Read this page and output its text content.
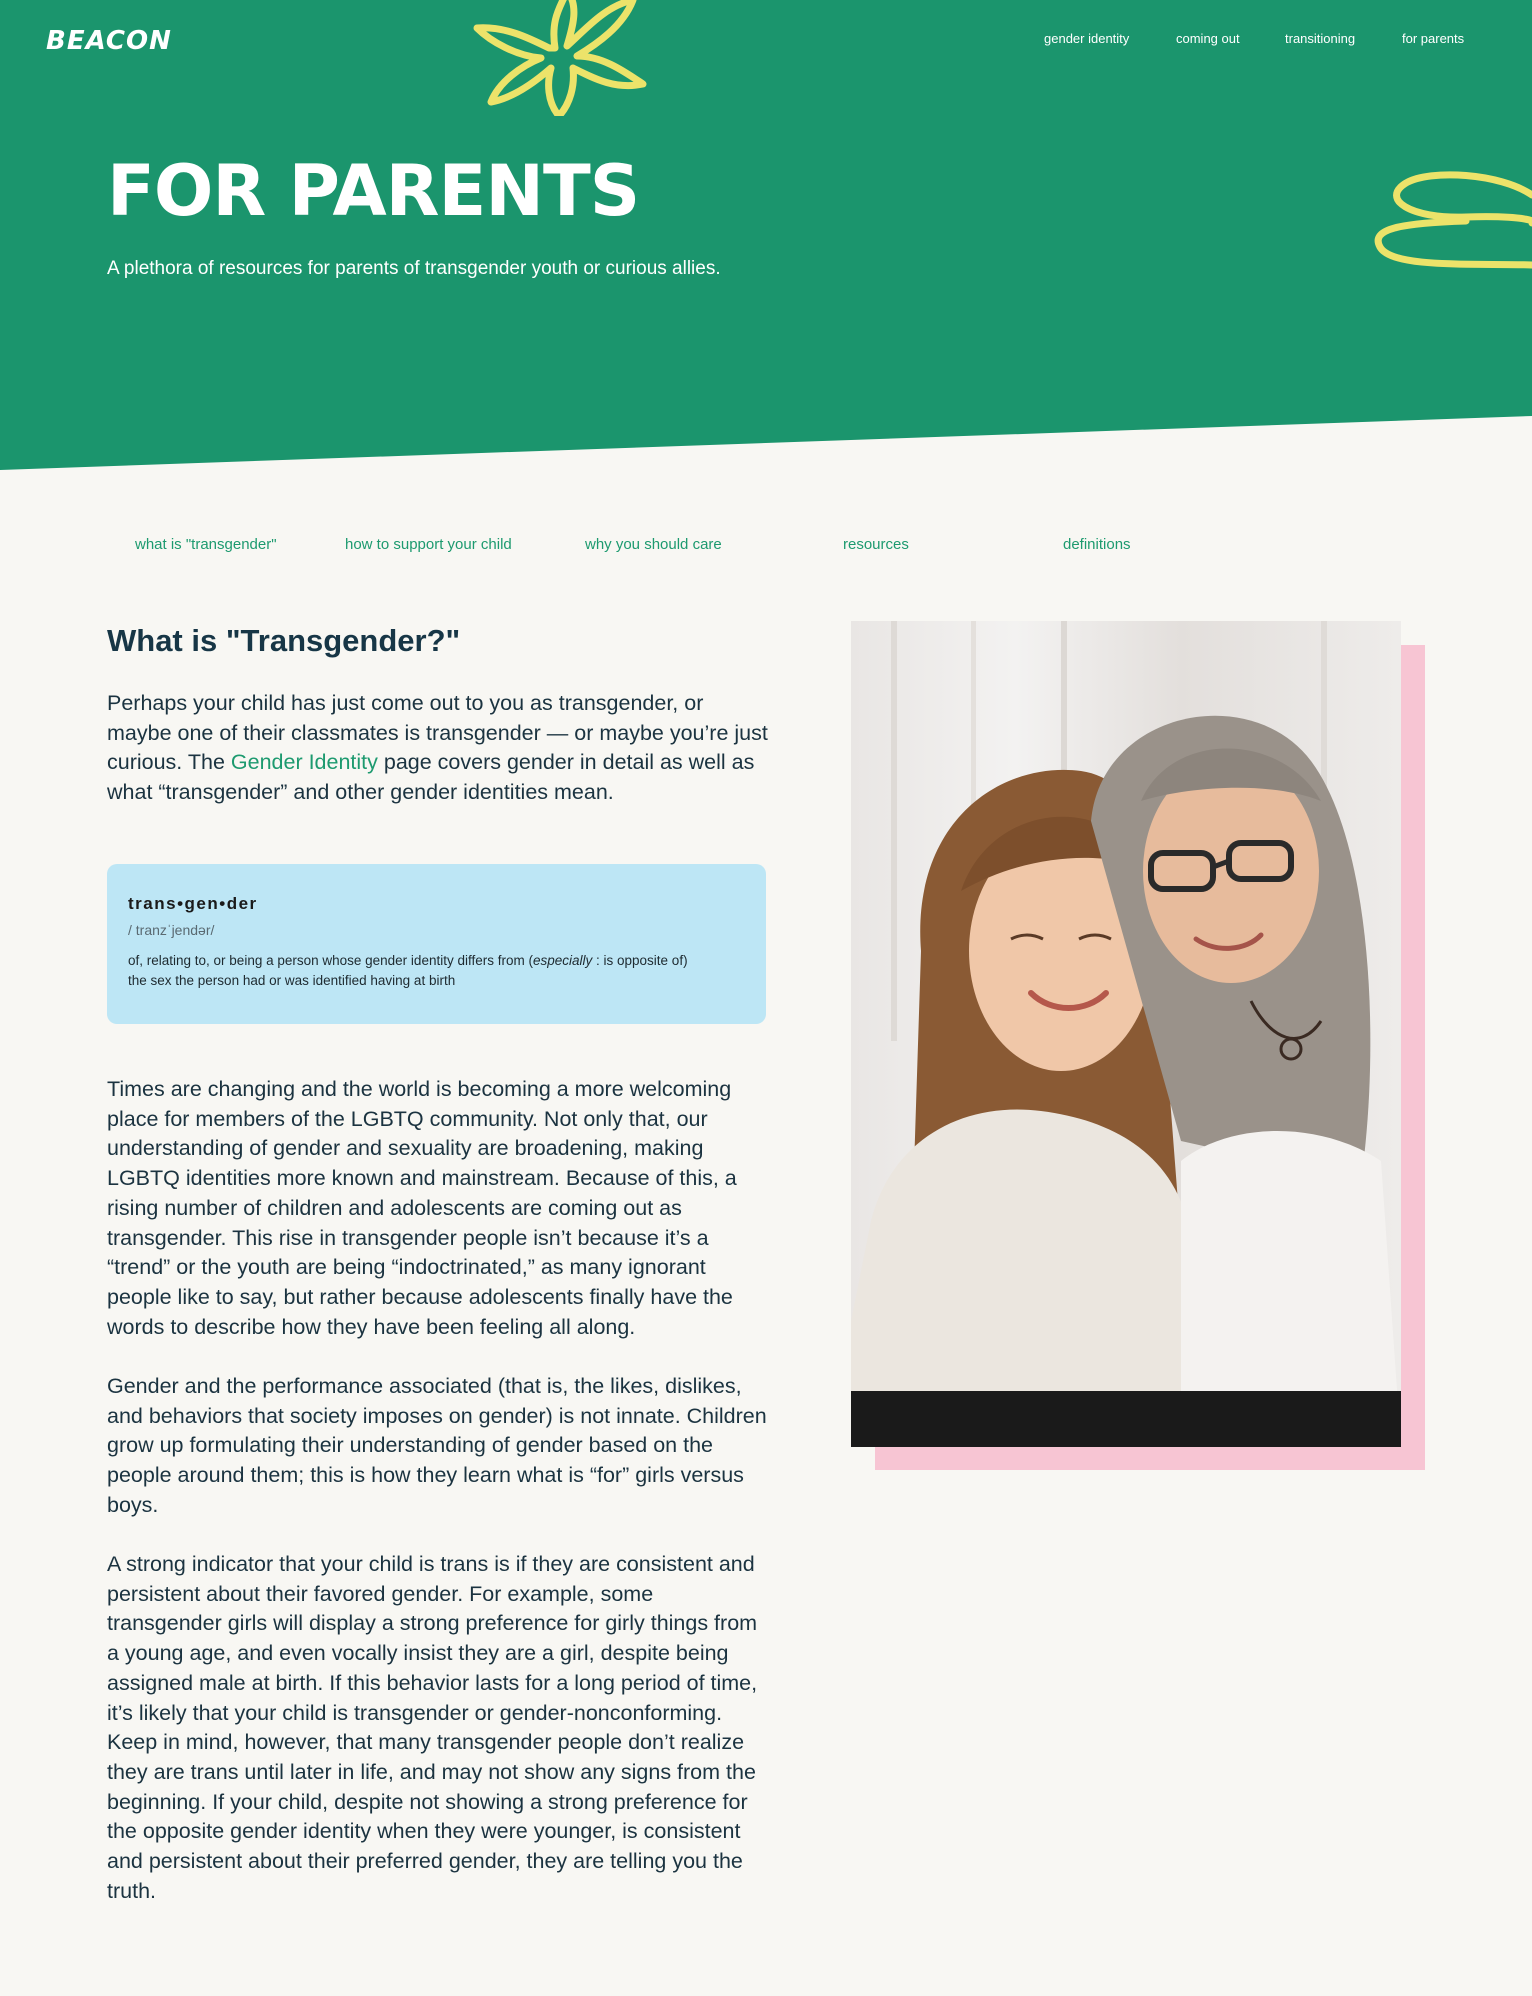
BEACON	gender identity	coming out	transitioning	for parents
FOR PARENTS

A plethora of resources for parents of transgender youth or curious allies.

what is "transgender"	how to support your child	why you should care	resources	definitions
What is "Transgender?"

Perhaps your child has just come out to you as transgender, or maybe one of their classmates is transgender — or maybe you’re just curious. The Gender Identity page covers gender in detail as well as what “transgender” and other gender identities mean.

trans•gen•der
/ tranzˈjendər/
of, relating to, or being a person whose gender identity differs from (especially : is opposite of) the sex the person had or was identified having at birth

Times are changing and the world is becoming a more welcoming place for members of the LGBTQ community. Not only that, our understanding of gender and sexuality are broadening, making LGBTQ identities more known and mainstream. Because of this, a rising number of children and adolescents are coming out as transgender. This rise in transgender people isn’t because it’s a “trend” or the youth are being “indoctrinated,” as many ignorant people like to say, but rather because adolescents finally have the words to describe how they have been feeling all along.

Gender and the performance associated (that is, the likes, dislikes, and behaviors that society imposes on gender) is not innate. Children grow up formulating their understanding of gender based on the people around them; this is how they learn what is “for” girls versus boys.

A strong indicator that your child is trans is if they are consistent and persistent about their favored gender. For example, some transgender girls will display a strong preference for girly things from a young age, and even vocally insist they are a girl, despite being assigned male at birth. If this behavior lasts for a long period of time, it’s likely that your child is transgender or gender-nonconforming. Keep in mind, however, that many transgender people don’t realize they are trans until later in life, and may not show any signs from the beginning. If your child, despite not showing a strong preference for the opposite gender identity when they were younger, is consistent and persistent about their preferred gender, they are telling you the truth.
